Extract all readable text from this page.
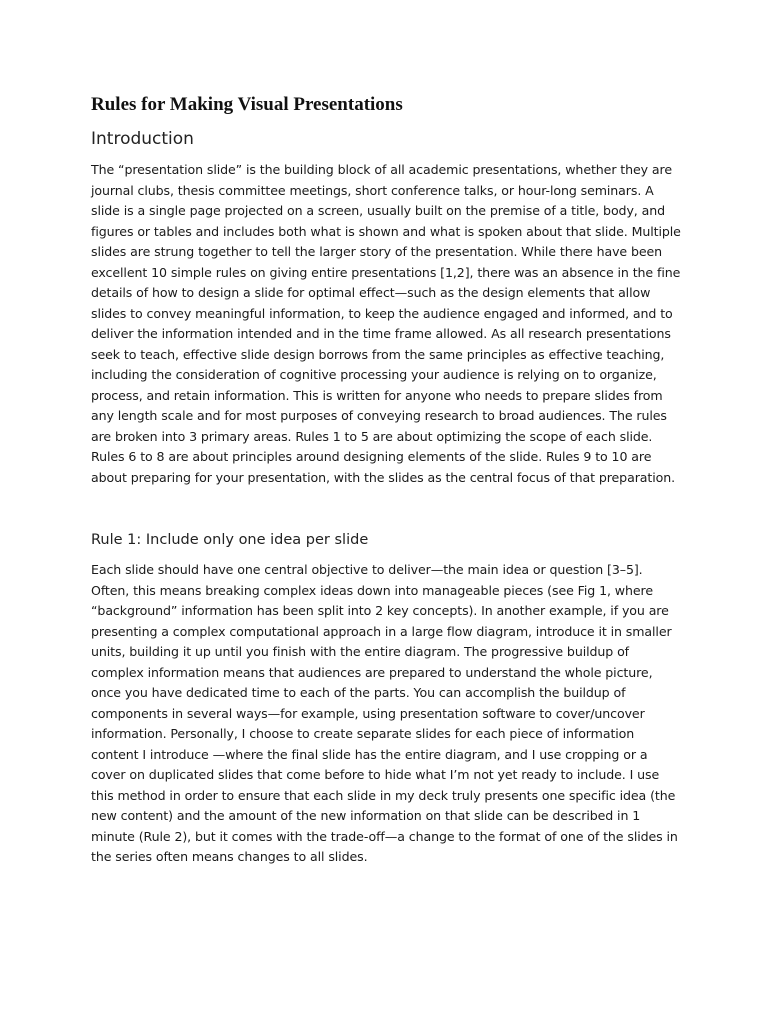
Rules for Making Visual Presentations
Introduction

The “presentation slide” is the building block of all academic presentations, whether they are journal clubs, thesis committee meetings, short conference talks, or hour-long seminars. A slide is a single page projected on a screen, usually built on the premise of a title, body, and figures or tables and includes both what is shown and what is spoken about that slide. Multiple slides are strung together to tell the larger story of the presentation. While there have been excellent 10 simple rules on giving entire presentations [1,2], there was an absence in the fine details of how to design a slide for optimal effect—such as the design elements that allow slides to convey meaningful information, to keep the audience engaged and informed, and to deliver the information intended and in the time frame allowed. As all research presentations seek to teach, effective slide design borrows from the same principles as effective teaching, including the consideration of cognitive processing your audience is relying on to organize, process, and retain information. This is written for anyone who needs to prepare slides from any length scale and for most purposes of conveying research to broad audiences. The rules are broken into 3 primary areas. Rules 1 to 5 are about optimizing the scope of each slide. Rules 6 to 8 are about principles around designing elements of the slide. Rules 9 to 10 are about preparing for your presentation, with the slides as the central focus of that preparation.

Rule 1: Include only one idea per slide

Each slide should have one central objective to deliver—the main idea or question [3–5]. Often, this means breaking complex ideas down into manageable pieces (see Fig 1, where “background” information has been split into 2 key concepts). In another example, if you are presenting a complex computational approach in a large flow diagram, introduce it in smaller units, building it up until you finish with the entire diagram. The progressive buildup of complex information means that audiences are prepared to understand the whole picture, once you have dedicated time to each of the parts. You can accomplish the buildup of components in several ways—for example, using presentation software to cover/uncover information. Personally, I choose to create separate slides for each piece of information content I introduce —where the final slide has the entire diagram, and I use cropping or a cover on duplicated slides that come before to hide what I’m not yet ready to include. I use this method in order to ensure that each slide in my deck truly presents one specific idea (the new content) and the amount of the new information on that slide can be described in 1 minute (Rule 2), but it comes with the trade-off—a change to the format of one of the slides in the series often means changes to all slides.
